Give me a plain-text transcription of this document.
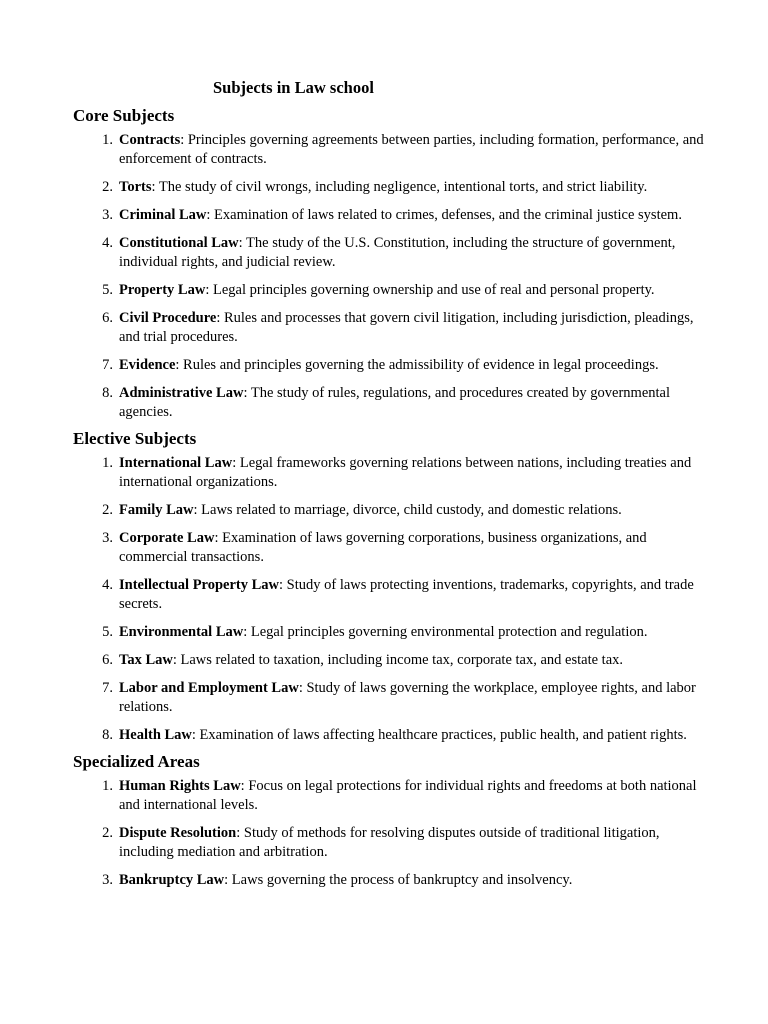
Subjects in Law school
Core Subjects
1. Contracts: Principles governing agreements between parties, including formation, performance, and enforcement of contracts.
2. Torts: The study of civil wrongs, including negligence, intentional torts, and strict liability.
3. Criminal Law: Examination of laws related to crimes, defenses, and the criminal justice system.
4. Constitutional Law: The study of the U.S. Constitution, including the structure of government, individual rights, and judicial review.
5. Property Law: Legal principles governing ownership and use of real and personal property.
6. Civil Procedure: Rules and processes that govern civil litigation, including jurisdiction, pleadings, and trial procedures.
7. Evidence: Rules and principles governing the admissibility of evidence in legal proceedings.
8. Administrative Law: The study of rules, regulations, and procedures created by governmental agencies.
Elective Subjects
1. International Law: Legal frameworks governing relations between nations, including treaties and international organizations.
2. Family Law: Laws related to marriage, divorce, child custody, and domestic relations.
3. Corporate Law: Examination of laws governing corporations, business organizations, and commercial transactions.
4. Intellectual Property Law: Study of laws protecting inventions, trademarks, copyrights, and trade secrets.
5. Environmental Law: Legal principles governing environmental protection and regulation.
6. Tax Law: Laws related to taxation, including income tax, corporate tax, and estate tax.
7. Labor and Employment Law: Study of laws governing the workplace, employee rights, and labor relations.
8. Health Law: Examination of laws affecting healthcare practices, public health, and patient rights.
Specialized Areas
1. Human Rights Law: Focus on legal protections for individual rights and freedoms at both national and international levels.
2. Dispute Resolution: Study of methods for resolving disputes outside of traditional litigation, including mediation and arbitration.
3. Bankruptcy Law: Laws governing the process of bankruptcy and insolvency.
